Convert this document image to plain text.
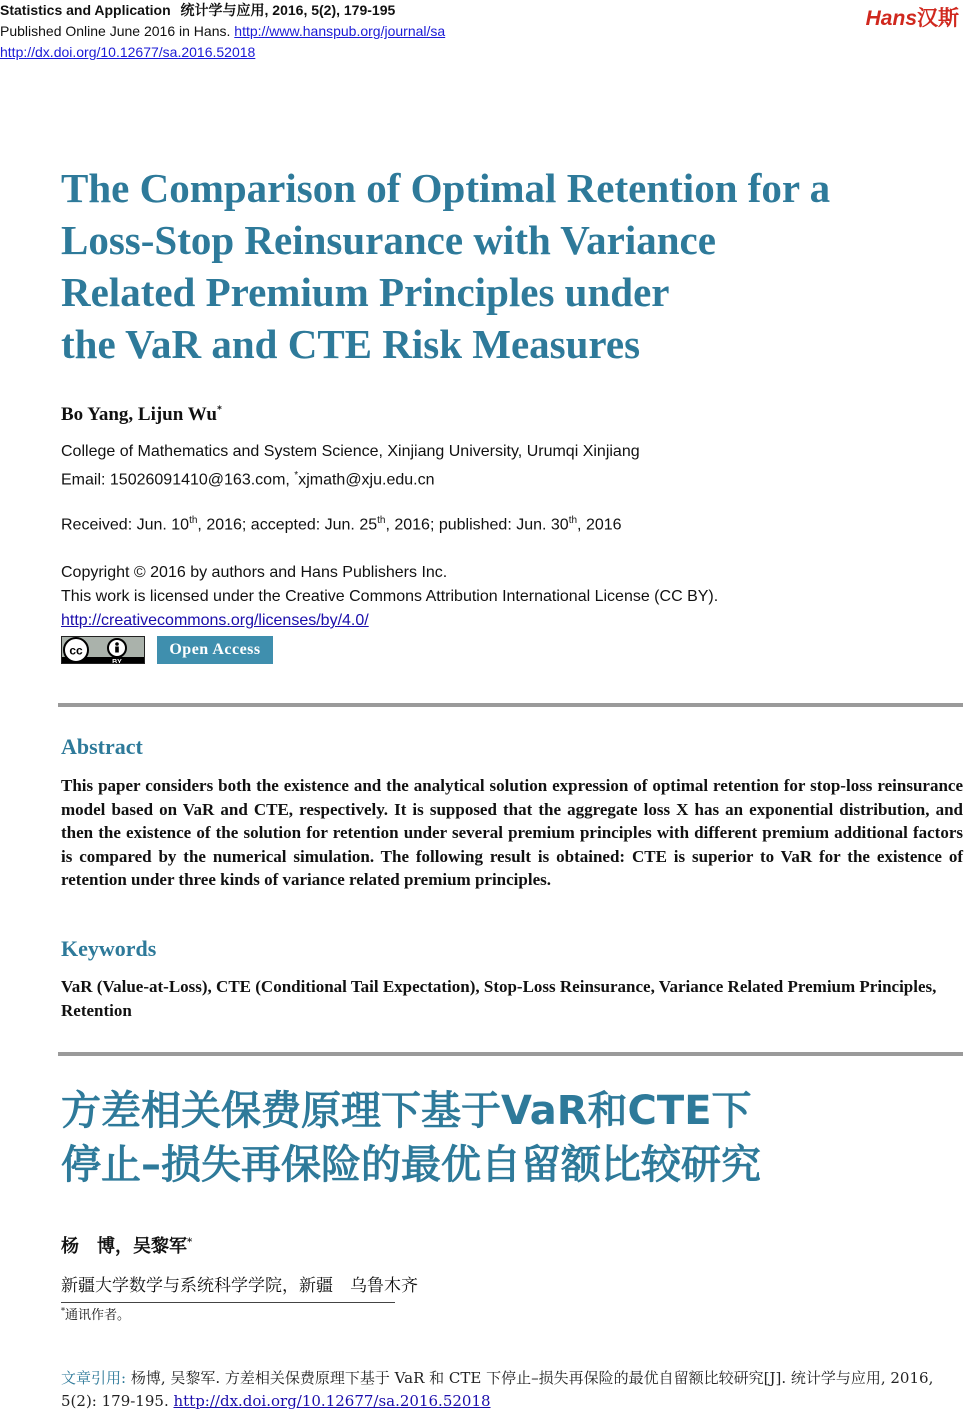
Statistics and Application 统计学与应用, 2016, 5(2), 179-195
Published Online June 2016 in Hans. http://www.hanspub.org/journal/sa
http://dx.doi.org/10.12677/sa.2016.52018
Hans汉斯
The Comparison of Optimal Retention for a
Loss-Stop Reinsurance with Variance
Related Premium Principles under
the VaR and CTE Risk Measures
Bo Yang, Lijun Wu*
College of Mathematics and System Science, Xinjiang University, Urumqi Xinjiang
Email: 15026091410@163.com, *xjmath@xju.edu.cn
Received: Jun. 10th, 2016; accepted: Jun. 25th, 2016; published: Jun. 30th, 2016
Copyright © 2016 by authors and Hans Publishers Inc.
This work is licensed under the Creative Commons Attribution International License (CC BY).
http://creativecommons.org/licenses/by/4.0/
cc
BY
Open Access
Abstract
This paper considers both the existence and the analytical solution expression of optimal retention for stop-loss reinsurance model based on VaR and CTE, respectively. It is supposed that the aggregate loss X has an exponential distribution, and then the existence of the solution for retention under several premium principles with different premium additional factors is compared by the numerical simulation. The following result is obtained: CTE is superior to VaR for the existence of retention under three kinds of variance related premium principles.
Keywords
VaR (Value-at-Loss), CTE (Conditional Tail Expectation), Stop-Loss Reinsurance, Variance Related Premium Principles, Retention
方差相关保费原理下基于VaR和CTE下
停止–损失再保险的最优自留额比较研究
杨　博，吴黎军*
新疆大学数学与系统科学学院，新疆　乌鲁木齐
*通讯作者。
文章引用: 杨博, 吴黎军. 方差相关保费原理下基于 VaR 和 CTE 下停止–损失再保险的最优自留额比较研究[J]. 统计学与应用, 2016, 5(2): 179-195. http://dx.doi.org/10.12677/sa.2016.52018
